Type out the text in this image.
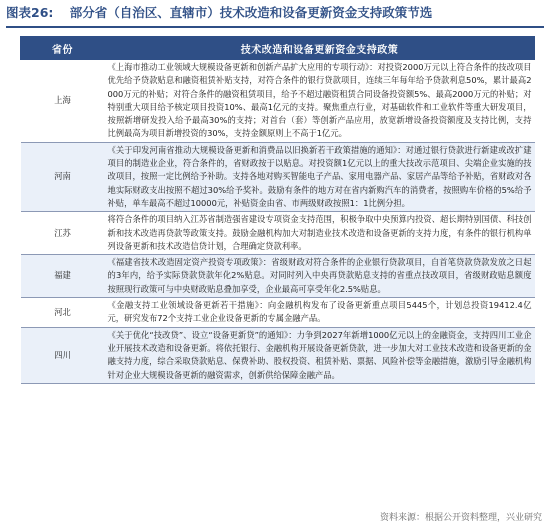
图表26: 部分省（自治区、直辖市）技术改造和设备更新资金支持政策节选
省份	技术改造和设备更新资金支持政策
上海	《上海市推动工业领域大规模设备更新和创新产品扩大应用的专项行动》：对投资2000万元以上符合条件的技改项目优先给予贷款贴息和融资租赁补贴支持，对符合条件的银行贷款项目，连续三年每年给予贷款利息50%，累计最高2000万元的补贴；对符合条件的融资租赁项目，给予不超过融资租赁合同设备投资额5%、最高2000万元的补贴；对特别重大项目给予核定项目投资10%、最高1亿元的支持。聚焦重点行业，对基础软件和工业软件等重大研发项目，按照新增研发投入给予最高30%的支持；对首台（套）等创新产品应用，放宽新增设备投资额度及支持比例，支持比例最高为项目新增投资的30%，支持金额原则上不高于1亿元。
河南	《关于印发河南省推动大规模设备更新和消费品以旧换新若干政策措施的通知》：对通过银行贷款进行新建或改扩建项目的制造业企业，符合条件的，省财政按于以贴息。对投资额1亿元以上的重大技改示范项目、尖端企业实施的技改项目，按照一定比例给予补助。支持各地对购买智能电子产品、家用电器产品、家居产品等给予补贴，省财政对各地实际财政支出按照不超过30%给予奖补。鼓励有条件的地方对在省内新购汽车的消费者，按照购车价格的5%给予补贴，单车最高不超过10000元，补贴资金由省、市两级财政按照1：1比例分担。
江苏	将符合条件的项目纳入江苏省制造强省建设专项资金支持范围，积极争取中央预算内投资、超长期特别国债、科技创新和技术改造再贷款等政策支持。鼓励金融机构加大对制造业技术改造和设备更新的支持力度，有条件的银行机构单列设备更新和技术改造信贷计划，合理确定贷款利率。
福建	《福建省技术改造固定资产投资专项政策》：省级财政对符合条件的企业银行贷款项目，自首笔贷款贷款发放之日起的3年内，给予实际贷款贷款年化2%贴息。对同时列入中央再贷款贴息支持的省重点技改项目，省级财政贴息额度按照现行政策可与中央财政贴息叠加享受，企业最高可享受年化2.5%贴息。
河北	《金融支持工业领域设备更新若干措施》：向金融机构发布了设备更新重点项目5445个，计划总投资19412.4亿元，研究发布72个支持工业企业设备更新的专属金融产品。
四川	《关于优化“技改贷”、设立“设备更新贷”的通知》：力争到2027年新增1000亿元以上的金融资金，支持四川工业企业开展技术改造和设备更新。将依托银行、金融机构开展设备更新贷款，进一步加大对工业技术改造和设备更新的金融支持力度，综合采取贷款贴息、保费补助、股权投资、租赁补贴、票据、风险补偿等金融措施，激励引导金融机构针对企业大规模设备更新的融资需求，创新供给保障金融产品。
资料来源：根据公开资料整理，兴业研究
